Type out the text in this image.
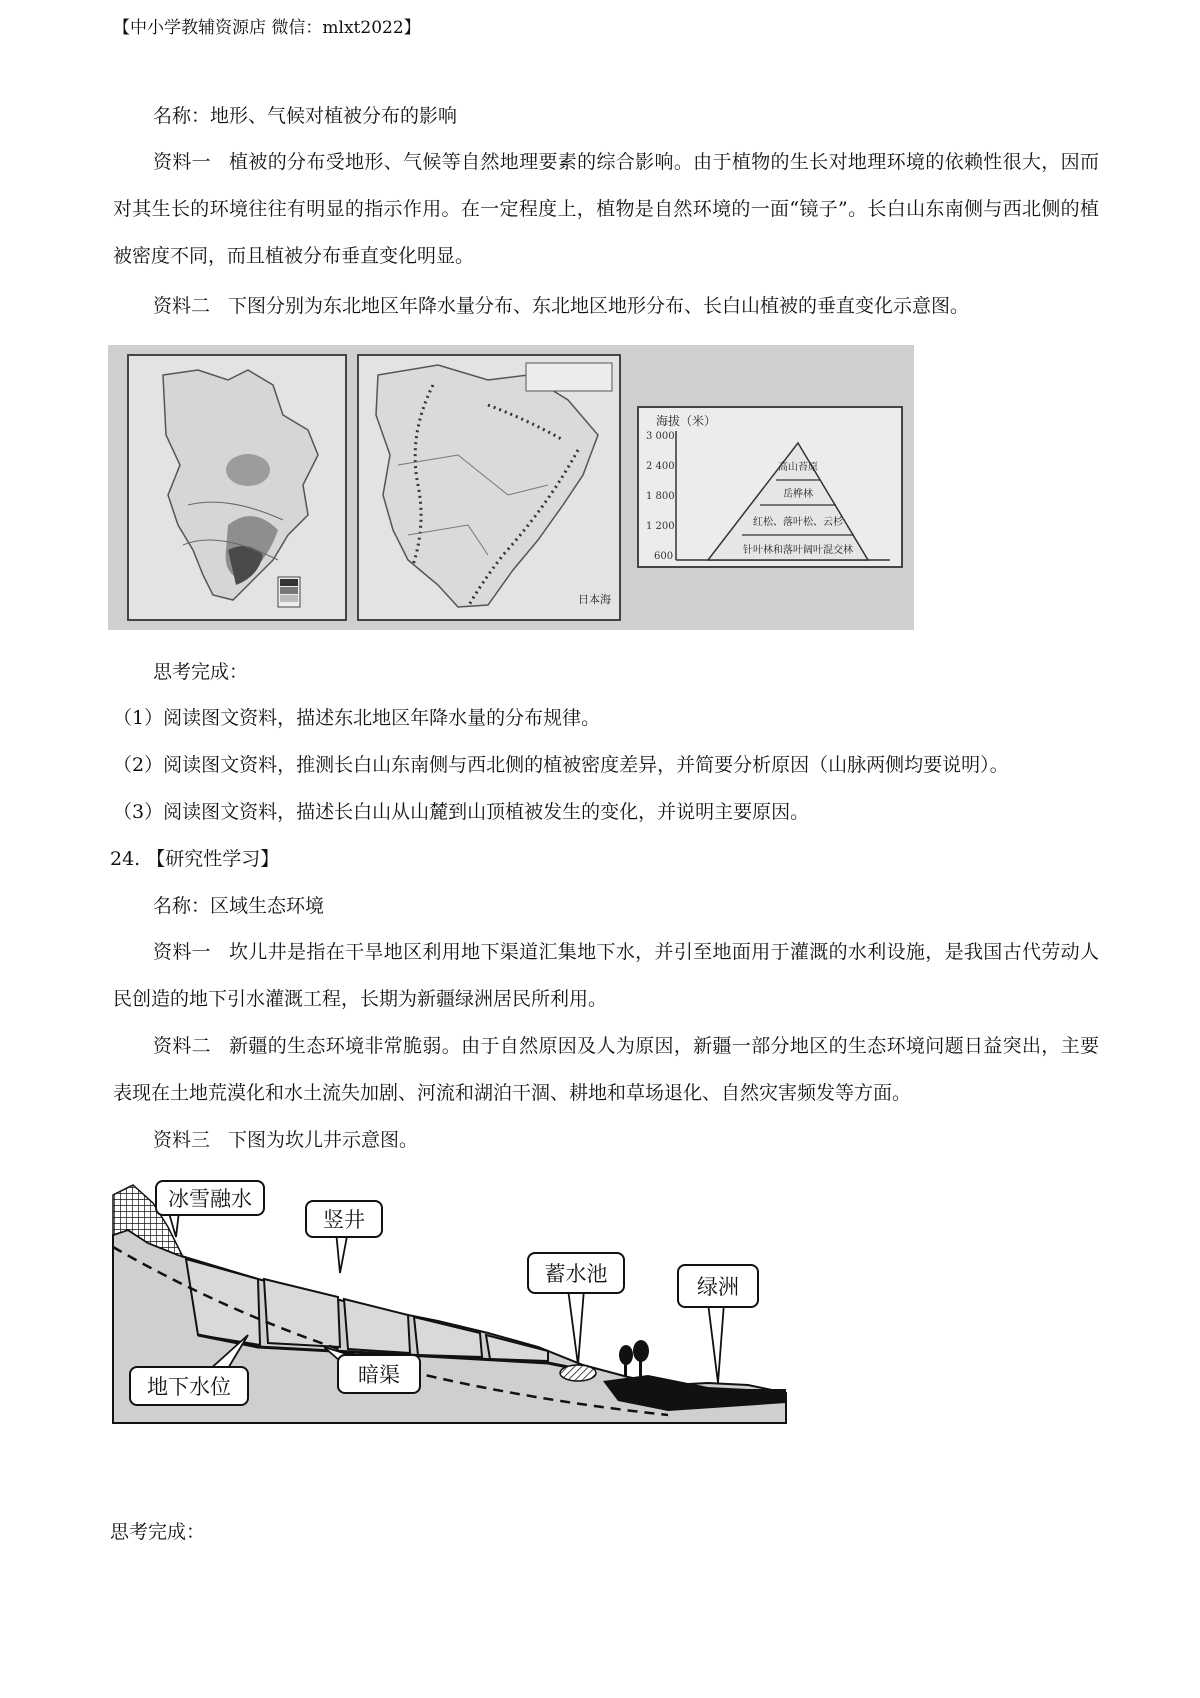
【中小学教辅资源店 微信：mlxt2022】
名称：地形、气候对植被分布的影响
资料一 植被的分布受地形、气候等自然地理要素的综合影响。由于植物的生长对地理环境的依赖性很大，因而对其生长的环境往往有明显的指示作用。在一定程度上，植物是自然环境的一面“镜子”。长白山东南侧与西北侧的植被密度不同，而且植被分布垂直变化明显。
资料二 下图分别为东北地区年降水量分布、东北地区地形分布、长白山植被的垂直变化示意图。
日本海
海拔（米）
3 000
2 400
1 800
1 200
600
高山苔原
岳桦林
红松、落叶松、云杉
针叶林和落叶阔叶混交林
思考完成：
（1）阅读图文资料，描述东北地区年降水量的分布规律。
（2）阅读图文资料，推测长白山东南侧与西北侧的植被密度差异，并简要分析原因（山脉两侧均要说明）。
（3）阅读图文资料，描述长白山从山麓到山顶植被发生的变化，并说明主要原因。
24. 【研究性学习】
名称：区域生态环境
资料一 坎儿井是指在干旱地区利用地下渠道汇集地下水，并引至地面用于灌溉的水利设施，是我国古代劳动人民创造的地下引水灌溉工程，长期为新疆绿洲居民所利用。
资料二 新疆的生态环境非常脆弱。由于自然原因及人为原因，新疆一部分地区的生态环境问题日益突出，主要表现在土地荒漠化和水土流失加剧、河流和湖泊干涸、耕地和草场退化、自然灾害频发等方面。
资料三 下图为坎儿井示意图。
冰雪融水
竖井
蓄水池
绿洲
地下水位	暗渠
思考完成：
